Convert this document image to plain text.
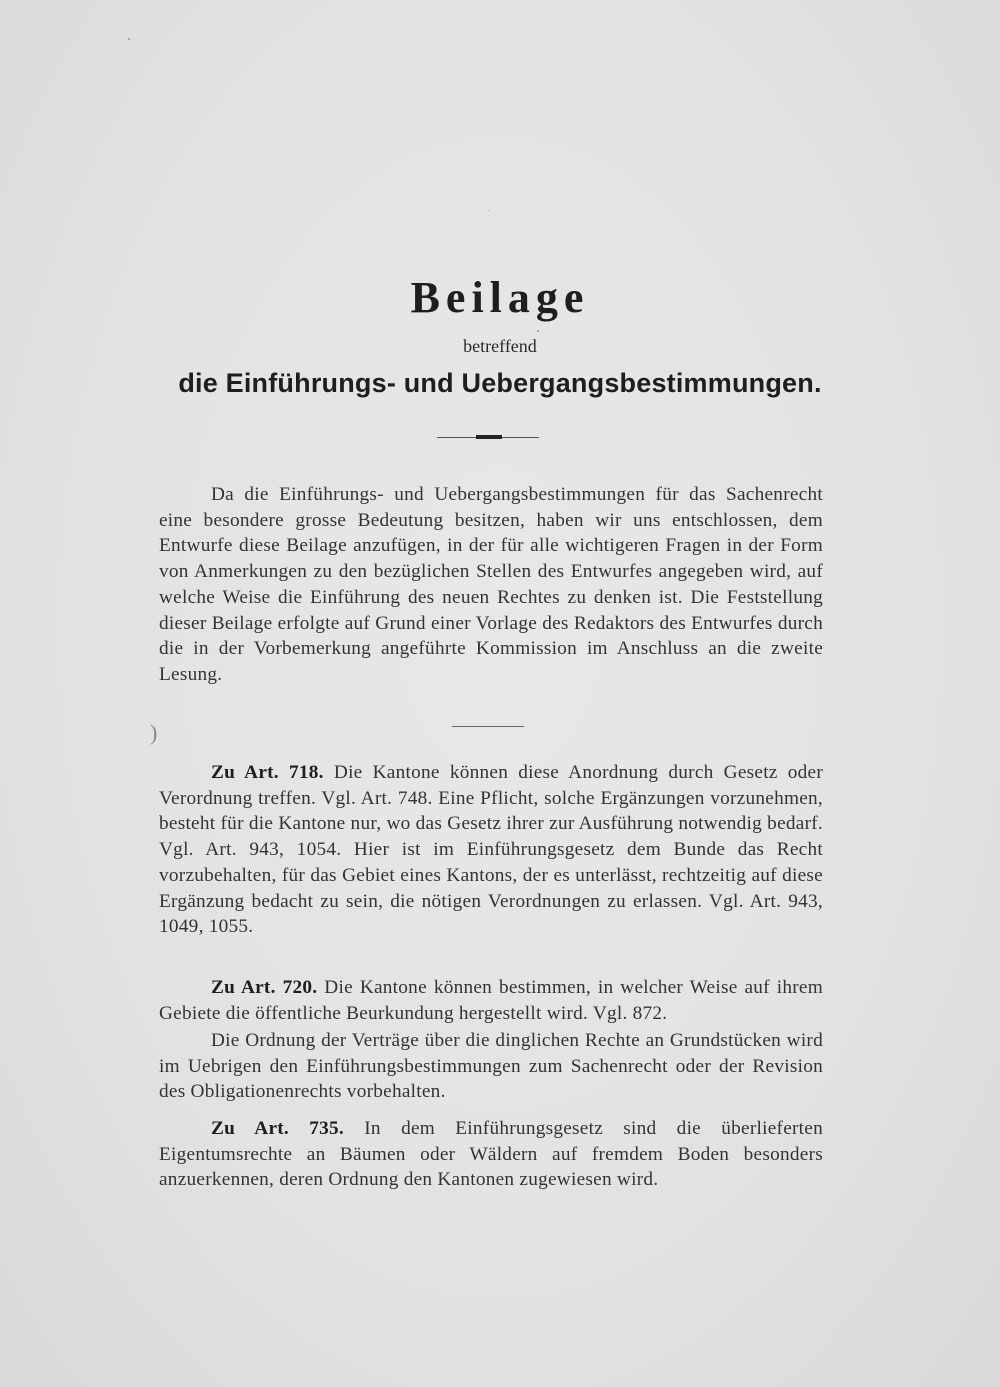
Beilage

betreffend

die Einführungs- und Uebergangsbestimmungen.

Da die Einführungs- und Uebergangsbestimmungen für das Sachenrecht eine besondere grosse Bedeutung besitzen, haben wir uns entschlossen, dem Entwurfe diese Beilage anzufügen, in der für alle wichtigeren Fragen in der Form von Anmerkungen zu den bezüglichen Stellen des Entwurfes angegeben wird, auf welche Weise die Einführung des neuen Rechtes zu denken ist. Die Feststellung dieser Beilage erfolgte auf Grund einer Vorlage des Redaktors des Entwurfes durch die in der Vorbemerkung angeführte Kommission im Anschluss an die zweite Lesung.

)

Zu Art. 718. Die Kantone können diese Anordnung durch Gesetz oder Verordnung treffen. Vgl. Art. 748. Eine Pflicht, solche Ergänzungen vorzunehmen, besteht für die Kantone nur, wo das Gesetz ihrer zur Ausführung notwendig bedarf. Vgl. Art. 943, 1054. Hier ist im Einführungsgesetz dem Bunde das Recht vorzubehalten, für das Gebiet eines Kantons, der es unterlässt, rechtzeitig auf diese Ergänzung bedacht zu sein, die nötigen Verordnungen zu erlassen. Vgl. Art. 943, 1049, 1055.

Zu Art. 720. Die Kantone können bestimmen, in welcher Weise auf ihrem Gebiete die öffentliche Beurkundung hergestellt wird. Vgl. 872.

Die Ordnung der Verträge über die dinglichen Rechte an Grundstücken wird im Uebrigen den Einführungsbestimmungen zum Sachenrecht oder der Revision des Obligationenrechts vorbehalten.

Zu Art. 735. In dem Einführungsgesetz sind die überlieferten Eigentumsrechte an Bäumen oder Wäldern auf fremdem Boden besonders anzuerkennen, deren Ordnung den Kantonen zugewiesen wird.
